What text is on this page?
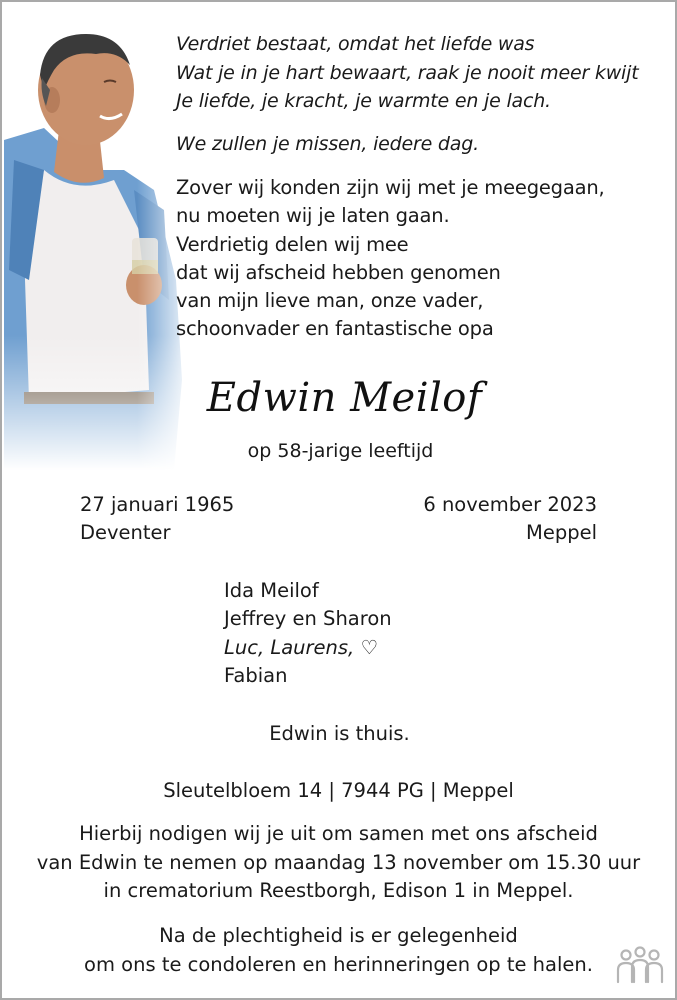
Verdriet bestaat, omdat het liefde was
Wat je in je hart bewaart, raak je nooit meer kwijt
Je liefde, je kracht, je warmte en je lach.
We zullen je missen, iedere dag.
Zover wij konden zijn wij met je meegegaan,
nu moeten wij je laten gaan.
Verdrietig delen wij mee
dat wij afscheid hebben genomen
van mijn lieve man, onze vader,
schoonvader en fantastische opa
Edwin Meilof
op 58-jarige leeftijd
27 januari 1965
Deventer
6 november 2023
Meppel
Ida Meilof
Jeffrey en Sharon
Luc, Laurens, ♡
Fabian
Edwin is thuis.
Sleutelbloem 14 | 7944 PG | Meppel
Hierbij nodigen wij je uit om samen met ons afscheid
van Edwin te nemen op maandag 13 november om 15.30 uur
in crematorium Reestborgh, Edison 1 in Meppel.
Na de plechtigheid is er gelegenheid
om ons te condoleren en herinneringen op te halen.
